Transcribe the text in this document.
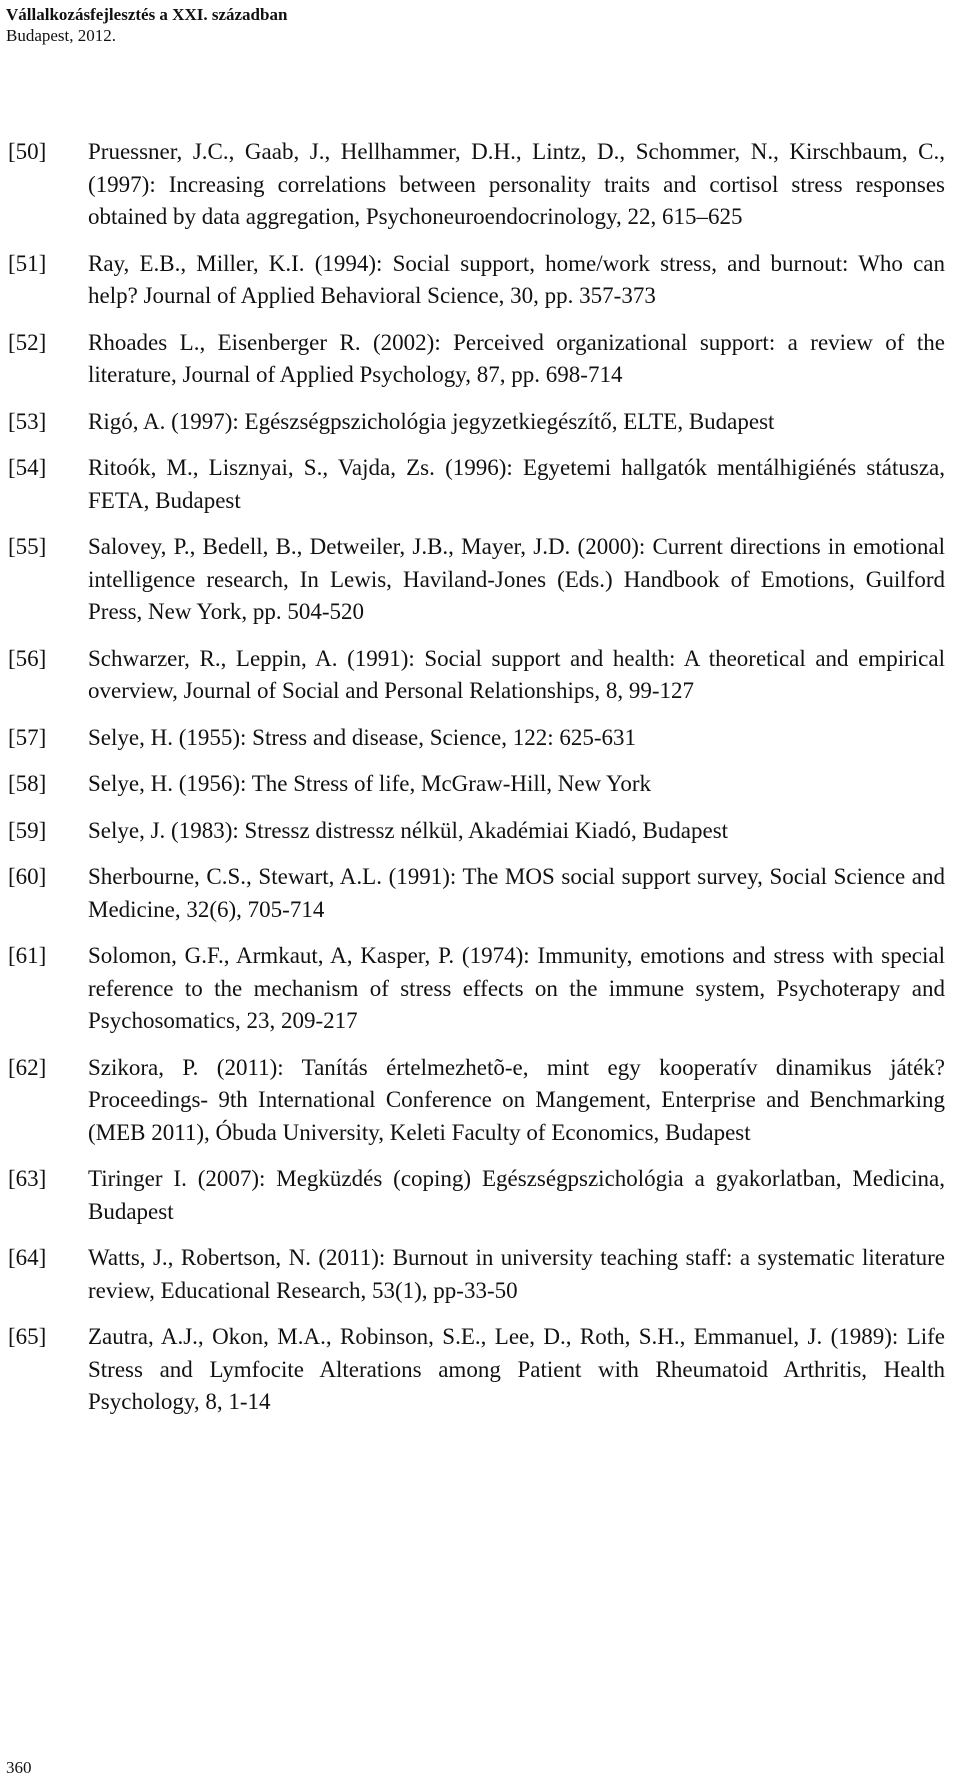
Vállalkozásfejlesztés a XXI. században
Budapest, 2012.
[50] Pruessner, J.C., Gaab, J., Hellhammer, D.H., Lintz, D., Schommer, N., Kirschbaum, C., (1997): Increasing correlations between personality traits and cortisol stress responses obtained by data aggregation, Psychoneuroendocrinology, 22, 615–625
[51] Ray, E.B., Miller, K.I. (1994): Social support, home/work stress, and burnout: Who can help? Journal of Applied Behavioral Science, 30, pp. 357-373
[52] Rhoades L., Eisenberger R. (2002): Perceived organizational support: a review of the literature, Journal of Applied Psychology, 87, pp. 698-714
[53] Rigó, A. (1997): Egészségpszichológia jegyzetkiegészítő, ELTE, Budapest
[54] Ritoók, M., Lisznyai, S., Vajda, Zs. (1996): Egyetemi hallgatók mentálhigiénés státusza, FETA, Budapest
[55] Salovey, P., Bedell, B., Detweiler, J.B., Mayer, J.D. (2000): Current directions in emotional intelligence research, In Lewis, Haviland-Jones (Eds.) Handbook of Emotions, Guilford Press, New York, pp. 504-520
[56] Schwarzer, R., Leppin, A. (1991): Social support and health: A theoretical and empirical overview, Journal of Social and Personal Relationships, 8, 99-127
[57] Selye, H. (1955): Stress and disease, Science, 122: 625-631
[58] Selye, H. (1956): The Stress of life, McGraw-Hill, New York
[59] Selye, J. (1983): Stressz distressz nélkül, Akadémiai Kiadó, Budapest
[60] Sherbourne, C.S., Stewart, A.L. (1991): The MOS social support survey, Social Science and Medicine, 32(6), 705-714
[61] Solomon, G.F., Armkaut, A, Kasper, P. (1974): Immunity, emotions and stress with special reference to the mechanism of stress effects on the immune system, Psychoterapy and Psychosomatics, 23, 209-217
[62] Szikora, P. (2011): Tanítás értelmezhetõ-e, mint egy kooperatív dinamikus játék? Proceedings- 9th International Conference on Mangement, Enterprise and Benchmarking (MEB 2011), Óbuda University, Keleti Faculty of Economics, Budapest
[63] Tiringer I. (2007): Megküzdés (coping) Egészségpszichológia a gyakorlatban, Medicina, Budapest
[64] Watts, J., Robertson, N. (2011): Burnout in university teaching staff: a systematic literature review, Educational Research, 53(1), pp-33-50
[65] Zautra, A.J., Okon, M.A., Robinson, S.E., Lee, D., Roth, S.H., Emmanuel, J. (1989): Life Stress and Lymfocite Alterations among Patient with Rheumatoid Arthritis, Health Psychology, 8, 1-14
360
